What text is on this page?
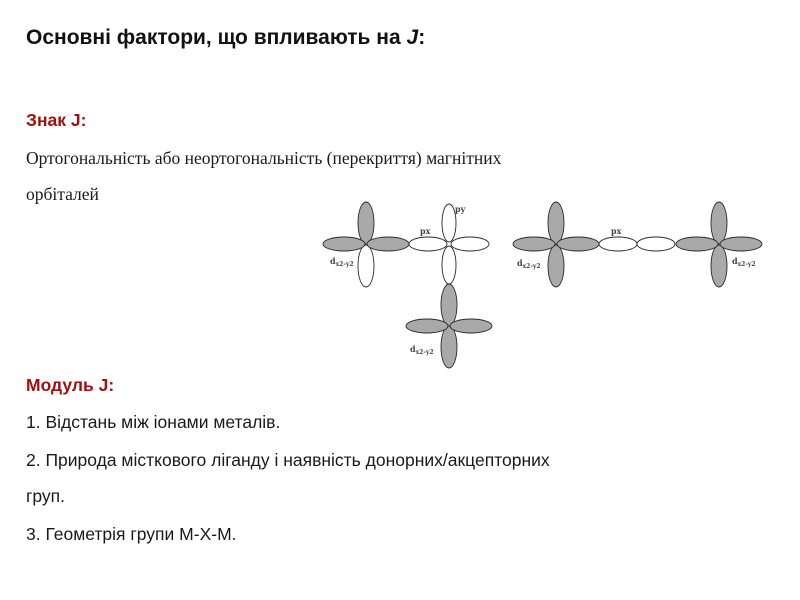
Основні фактори, що впливають на J:
Знак J:
Ортогональність або неортогональність (перекриття) магнітних
орбіталей
$d_{x2-y2}$
px
py
$d_{x2-y2}$
$d_{x2-y2}$
px
$d_{x2-y2}$
Модуль J:
1. Відстань між іонами металів.
2. Природа місткового ліганду і наявність донорних/акцепторних
груп.
3. Геометрія групи М-Х-М.
